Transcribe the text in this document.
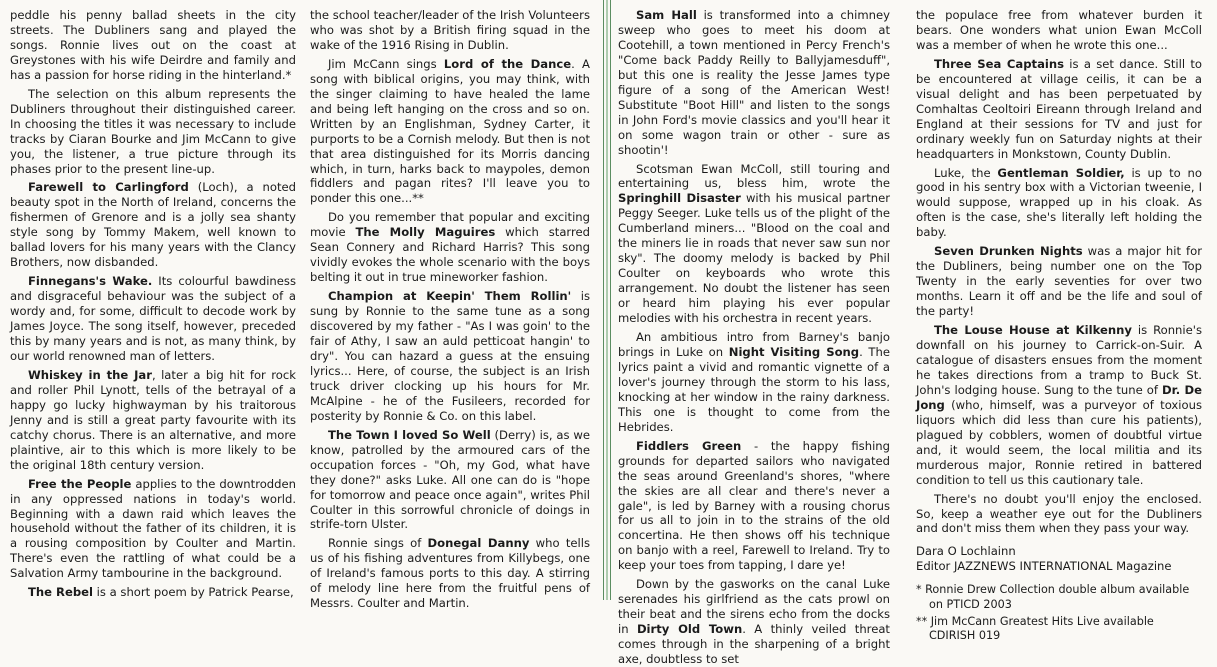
peddle his penny ballad sheets in the city streets. The Dubliners sang and played the songs. Ronnie lives out on the coast at Greystones with his wife Deirdre and family and has a passion for horse riding in the hinterland.*

The selection on this album represents the Dubliners throughout their distinguished career. In choosing the titles it was necessary to include tracks by Ciaran Bourke and Jim McCann to give you, the listener, a true picture through its phases prior to the present line-up.

Farewell to Carlingford (Loch), a noted beauty spot in the North of Ireland, concerns the fishermen of Grenore and is a jolly sea shanty style song by Tommy Makem, well known to ballad lovers for his many years with the Clancy Brothers, now disbanded.

Finnegans's Wake. Its colourful bawdiness and disgraceful behaviour was the subject of a wordy and, for some, difficult to decode work by James Joyce. The song itself, however, preceded this by many years and is not, as many think, by our world renowned man of letters.

Whiskey in the Jar, later a big hit for rock and roller Phil Lynott, tells of the betrayal of a happy go lucky highwayman by his traitorous Jenny and is still a great party favourite with its catchy chorus. There is an alternative, and more plaintive, air to this which is more likely to be the original 18th century version.

Free the People applies to the downtrodden in any oppressed nations in today's world. Beginning with a dawn raid which leaves the household without the father of its children, it is a rousing composition by Coulter and Martin. There's even the rattling of what could be a Salvation Army tambourine in the background.

The Rebel is a short poem by Patrick Pearse,

the school teacher/leader of the Irish Volunteers who was shot by a British firing squad in the wake of the 1916 Rising in Dublin.

Jim McCann sings Lord of the Dance. A song with biblical origins, you may think, with the singer claiming to have healed the lame and being left hanging on the cross and so on. Written by an Englishman, Sydney Carter, it purports to be a Cornish melody. But then is not that area distinguished for its Morris dancing which, in turn, harks back to maypoles, demon fiddlers and pagan rites? I'll leave you to ponder this one...**

Do you remember that popular and exciting movie The Molly Maguires which starred Sean Connery and Richard Harris? This song vividly evokes the whole scenario with the boys belting it out in true mineworker fashion.

Champion at Keepin' Them Rollin' is sung by Ronnie to the same tune as a song discovered by my father - "As I was goin' to the fair of Athy, I saw an auld petticoat hangin' to dry". You can hazard a guess at the ensuing lyrics... Here, of course, the subject is an Irish truck driver clocking up his hours for Mr. McAlpine - he of the Fusileers, recorded for posterity by Ronnie & Co. on this label.

The Town I loved So Well (Derry) is, as we know, patrolled by the armoured cars of the occupation forces - "Oh, my God, what have they done?" asks Luke. All one can do is "hope for tomorrow and peace once again", writes Phil Coulter in this sorrowful chronicle of doings in strife-torn Ulster.

Ronnie sings of Donegal Danny who tells us of his fishing adventures from Killybegs, one of Ireland's famous ports to this day. A stirring of melody line here from the fruitful pens of Messrs. Coulter and Martin.

Sam Hall is transformed into a chimney sweep who goes to meet his doom at Cootehill, a town mentioned in Percy French's "Come back Paddy Reilly to Ballyjamesduff", but this one is reality the Jesse James type figure of a song of the American West! Substitute "Boot Hill" and listen to the songs in John Ford's movie classics and you'll hear it on some wagon train or other - sure as shootin'!

Scotsman Ewan McColl, still touring and entertaining us, bless him, wrote the Springhill Disaster with his musical partner Peggy Seeger. Luke tells us of the plight of the Cumberland miners... "Blood on the coal and the miners lie in roads that never saw sun nor sky". The doomy melody is backed by Phil Coulter on keyboards who wrote this arrangement. No doubt the listener has seen or heard him playing his ever popular melodies with his orchestra in recent years.

An ambitious intro from Barney's banjo brings in Luke on Night Visiting Song. The lyrics paint a vivid and romantic vignette of a lover's journey through the storm to his lass, knocking at her window in the rainy darkness. This one is thought to come from the Hebrides.

Fiddlers Green - the happy fishing grounds for departed sailors who navigated the seas around Greenland's shores, "where the skies are all clear and there's never a gale", is led by Barney with a rousing chorus for us all to join in to the strains of the old concertina. He then shows off his technique on banjo with a reel, Farewell to Ireland. Try to keep your toes from tapping, I dare ye!

Down by the gasworks on the canal Luke serenades his girlfriend as the cats prowl on their beat and the sirens echo from the docks in Dirty Old Town. A thinly veiled threat comes through in the sharpening of a bright axe, doubtless to set

the populace free from whatever burden it bears. One wonders what union Ewan McColl was a member of when he wrote this one...

Three Sea Captains is a set dance. Still to be encountered at village ceilis, it can be a visual delight and has been perpetuated by Comhaltas Ceoltoiri Eireann through Ireland and England at their sessions for TV and just for ordinary weekly fun on Saturday nights at their headquarters in Monkstown, County Dublin.

Luke, the Gentleman Soldier, is up to no good in his sentry box with a Victorian tweenie, I would suppose, wrapped up in his cloak. As often is the case, she's literally left holding the baby.

Seven Drunken Nights was a major hit for the Dubliners, being number one on the Top Twenty in the early seventies for over two months. Learn it off and be the life and soul of the party!

The Louse House at Kilkenny is Ronnie's downfall on his journey to Carrick-on-Suir. A catalogue of disasters ensues from the moment he takes directions from a tramp to Buck St. John's lodging house. Sung to the tune of Dr. De Jong (who, himself, was a purveyor of toxious liquors which did less than cure his patients), plagued by cobblers, women of doubtful virtue and, it would seem, the local militia and its murderous major, Ronnie retired in battered condition to tell us this cautionary tale.

There's no doubt you'll enjoy the enclosed. So, keep a weather eye out for the Dubliners and don't miss them when they pass your way.

Dara O Lochlainn

Editor JAZZNEWS INTERNATIONAL Magazine

* Ronnie Drew Collection double album available on PTICD 2003

** Jim McCann Greatest Hits Live available CDIRISH 019
